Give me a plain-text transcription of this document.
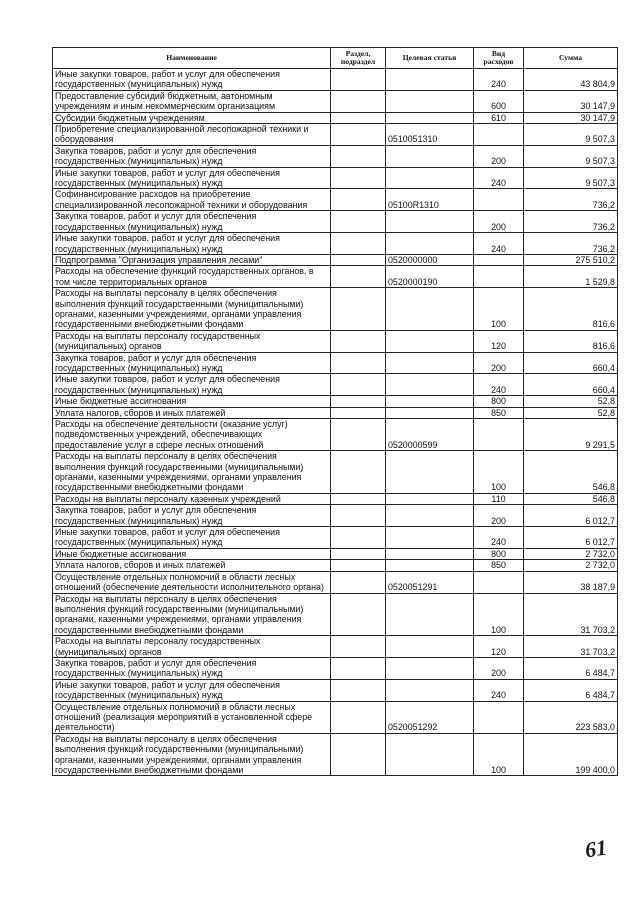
Наименование	Раздел, подраздел	Целевая статья	Вид расходов	Сумма
Иные закупки товаров, работ и услуг для обеспечения государственных (муниципальных) нужд			240	43 804,9
Предоставление субсидий бюджетным, автономным учреждениям и иным некоммерческим организациям			600	30 147,9
Субсидии бюджетным учреждениям			610	30 147,9
Приобретение специализированной лесопожарной техники и оборудования		0510051310		9 507,3
Закупка товаров, работ и услуг для обеспечения государственных (муниципальных) нужд			200	9 507,3
Иные закупки товаров, работ и услуг для обеспечения государственных (муниципальных) нужд			240	9 507,3
Софинансирование расходов на приобретение специализированной лесопожарной техники и оборудования		05100R1310		736,2
Закупка товаров, работ и услуг для обеспечения государственных (муниципальных) нужд			200	736,2
Иные закупки товаров, работ и услуг для обеспечения государственных (муниципальных) нужд			240	736,2
Подпрограмма "Организация управления лесами"		0520000000		275 510,2
Расходы на обеспечение функций государственных органов, в том числе территориальных органов		0520000190		1 529,8
Расходы на выплаты персоналу в целях обеспечения выполнения функций государственными (муниципальными) органами, казенными учреждениями, органами управления государственными внебюджетными фондами			100	816,6
Расходы на выплаты персоналу государственных (муниципальных) органов			120	816,6
Закупка товаров, работ и услуг для обеспечения государственных (муниципальных) нужд			200	660,4
Иные закупки товаров, работ и услуг для обеспечения государственных (муниципальных) нужд			240	660,4
Иные бюджетные ассигнования			800	52,8
Уплата налогов, сборов и иных платежей			850	52,8
Расходы на обеспечение деятельности (оказание услуг) подведомственных учреждений, обеспечивающих предоставление услуг в сфере лесных отношений		0520000599		9 291,5
Расходы на выплаты персоналу в целях обеспечения выполнения функций государственными (муниципальными) органами, казенными учреждениями, органами управления государственными внебюджетными фондами			100	546,8
Расходы на выплаты персоналу казенных учреждений			110	546,8
Закупка товаров, работ и услуг для обеспечения государственных (муниципальных) нужд			200	6 012,7
Иные закупки товаров, работ и услуг для обеспечения государственных (муниципальных) нужд			240	6 012,7
Иные бюджетные ассигнования			800	2 732,0
Уплата налогов, сборов и иных платежей			850	2 732,0
Осуществление отдельных полномочий в области лесных отношений (обеспечение деятельности исполнительного органа)		0520051291		38 187,9
Расходы на выплаты персоналу в целях обеспечения выполнения функций государственными (муниципальными) органами, казенными учреждениями, органами управления государственными внебюджетными фондами			100	31 703,2
Расходы на выплаты персоналу государственных (муниципальных) органов			120	31 703,2
Закупка товаров, работ и услуг для обеспечения государственных (муниципальных) нужд			200	6 484,7
Иные закупки товаров, работ и услуг для обеспечения государственных (муниципальных) нужд			240	6 484,7
Осуществление отдельных полномочий в области лесных отношений (реализация мероприятий в установленной сфере деятельности)		0520051292		223 583,0
Расходы на выплаты персоналу в целях обеспечения выполнения функций государственными (муниципальными) органами, казенными учреждениями, органами управления государственными внебюджетными фондами			100	199 400,0
61
